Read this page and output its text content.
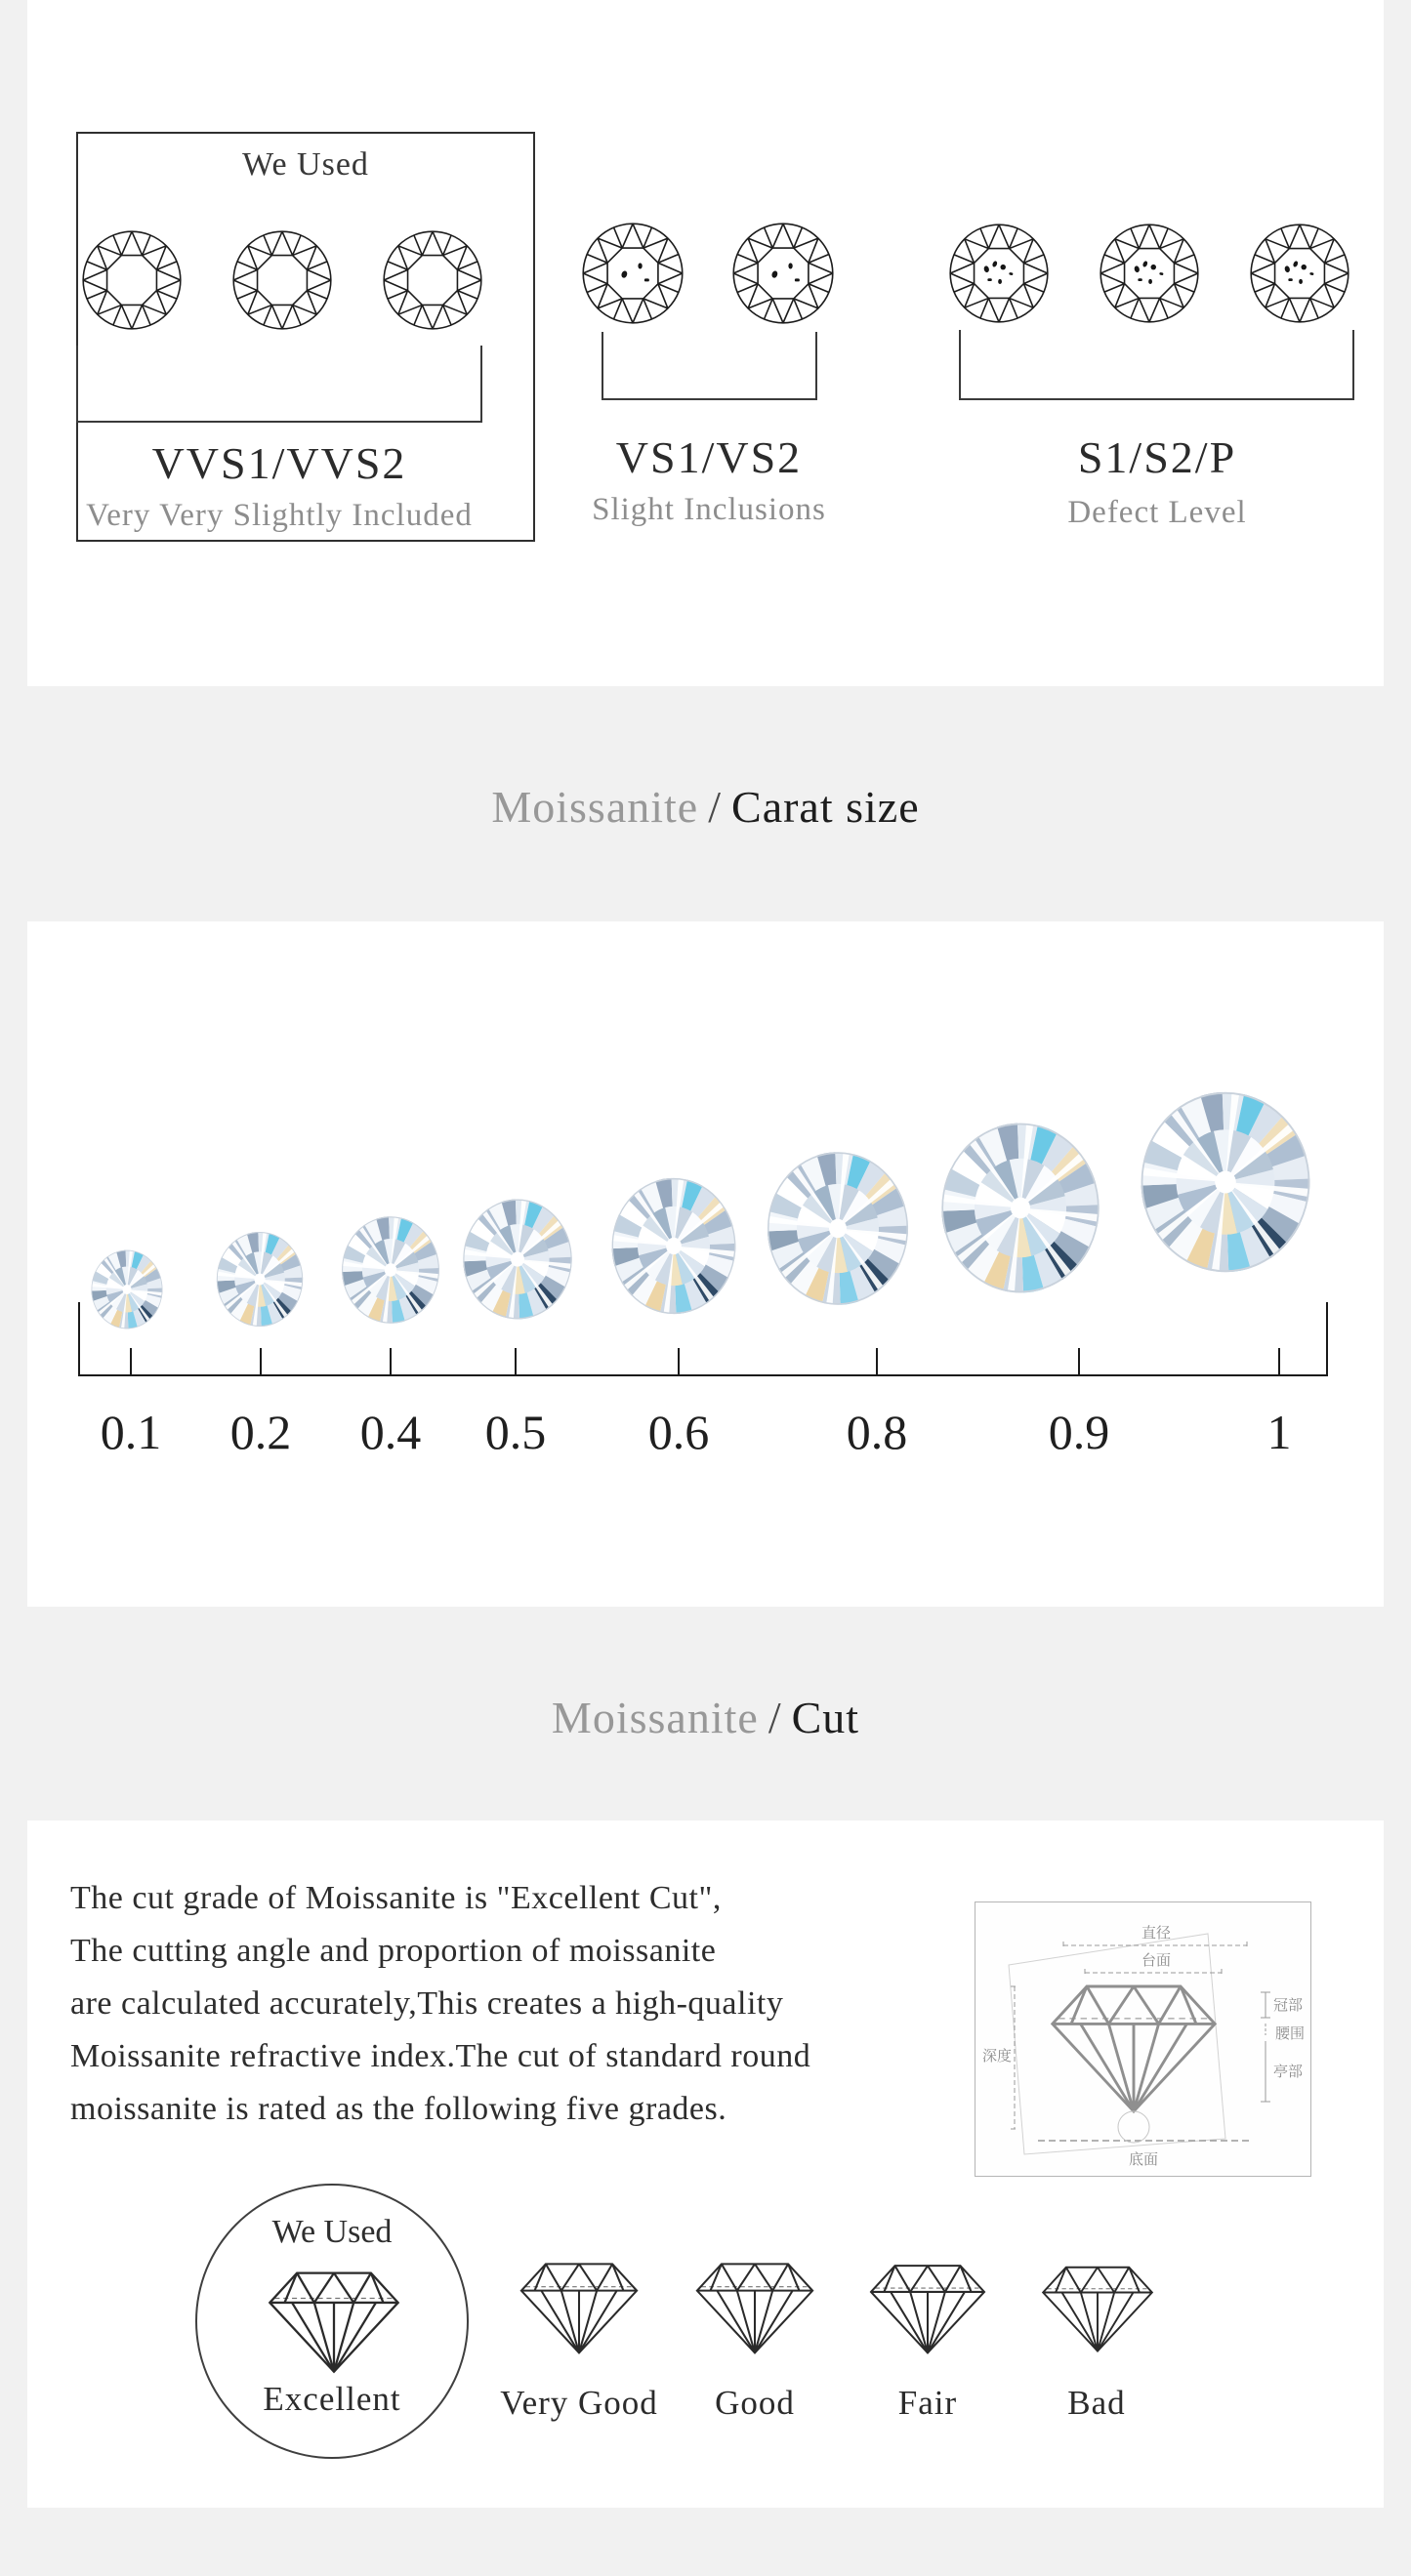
We Used
VVS1/VVS2
Very Very Slightly Included
VS1/VS2
Slight Inclusions
S1/S2/P
Defect Level
Moissanite / Carat size
0.1	0.2	0.4	0.5	0.6	0.8	0.9	1
Moissanite / Cut
The cut grade of Moissanite is "Excellent Cut",
The cutting angle and proportion of moissanite
are calculated accurately,This creates a high-quality
Moissanite refractive index.The cut of standard round
moissanite is rated as the following five grades.
直径
台面
深度
冠部
腰围
亭部
底面
We Used
Excellent	Very Good	Good	Fair	Bad
